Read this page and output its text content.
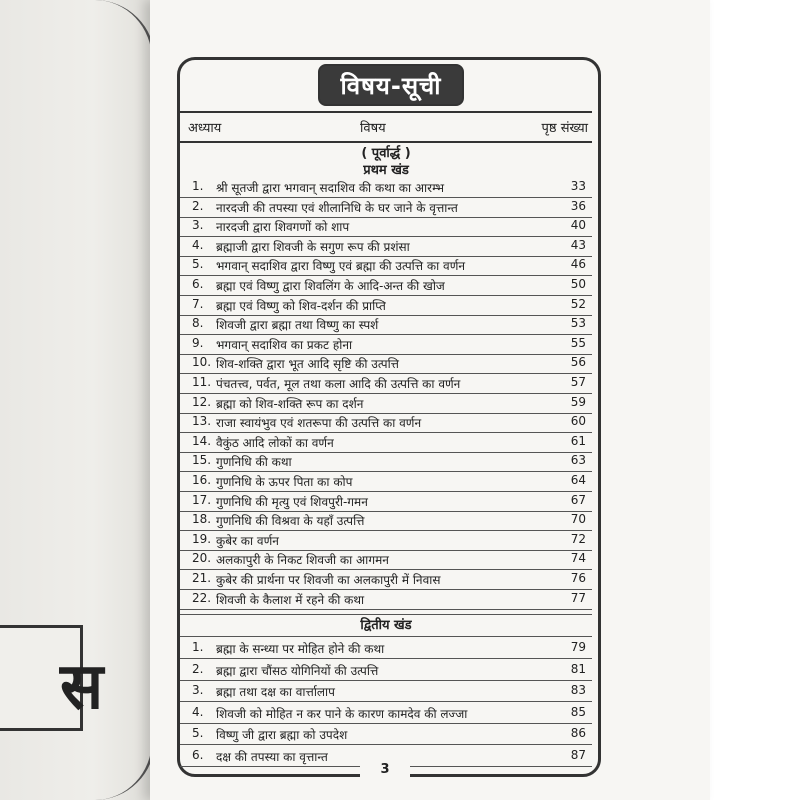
स
विषय-सूची
अध्याय	विषय	पृष्ठ संख्या
( पूर्वार्द्ध )
प्रथम खंड
1.	श्री सूतजी द्वारा भगवान् सदाशिव की कथा का आरम्भ	33
2.	नारदजी की तपस्या एवं शीलानिधि के घर जाने के वृत्तान्त	36
3.	नारदजी द्वारा शिवगणों को शाप	40
4.	ब्रह्माजी द्वारा शिवजी के सगुण रूप की प्रशंसा	43
5.	भगवान् सदाशिव द्वारा विष्णु एवं ब्रह्मा की उत्पत्ति का वर्णन	46
6.	ब्रह्मा एवं विष्णु द्वारा शिवलिंग के आदि-अन्त की खोज	50
7.	ब्रह्मा एवं विष्णु को शिव-दर्शन की प्राप्ति	52
8.	शिवजी द्वारा ब्रह्मा तथा विष्णु का स्पर्श	53
9.	भगवान् सदाशिव का प्रकट होना	55
10. शिव-शक्ति द्वारा भूत आदि सृष्टि की उत्पत्ति	56
11. पंचतत्त्व, पर्वत, मूल तथा कला आदि की उत्पत्ति का वर्णन	57
12. ब्रह्मा को शिव-शक्ति रूप का दर्शन	59
13. राजा स्वायंभुव एवं शतरूपा की उत्पत्ति का वर्णन	60
14. वैकुंठ आदि लोकों का वर्णन	61
15. गुणनिधि की कथा	63
16. गुणनिधि के ऊपर पिता का कोप	64
17. गुणनिधि की मृत्यु एवं शिवपुरी-गमन	67
18. गुणनिधि की विश्रवा के यहाँ उत्पत्ति	70
19. कुबेर का वर्णन	72
20. अलकापुरी के निकट शिवजी का आगमन	74
21. कुबेर की प्रार्थना पर शिवजी का अलकापुरी में निवास	76
22. शिवजी के कैलाश में रहने की कथा	77
द्वितीय खंड
1.	ब्रह्मा के सन्ध्या पर मोहित होने की कथा	79
2.	ब्रह्मा द्वारा चौंसठ योगिनियों की उत्पत्ति	81
3.	ब्रह्मा तथा दक्ष का वार्त्तालाप	83
4.	शिवजी को मोहित न कर पाने के कारण कामदेव की लज्जा	85
5.	विष्णु जी द्वारा ब्रह्मा को उपदेश	86
6.	दक्ष की तपस्या का वृत्तान्त	87
3
